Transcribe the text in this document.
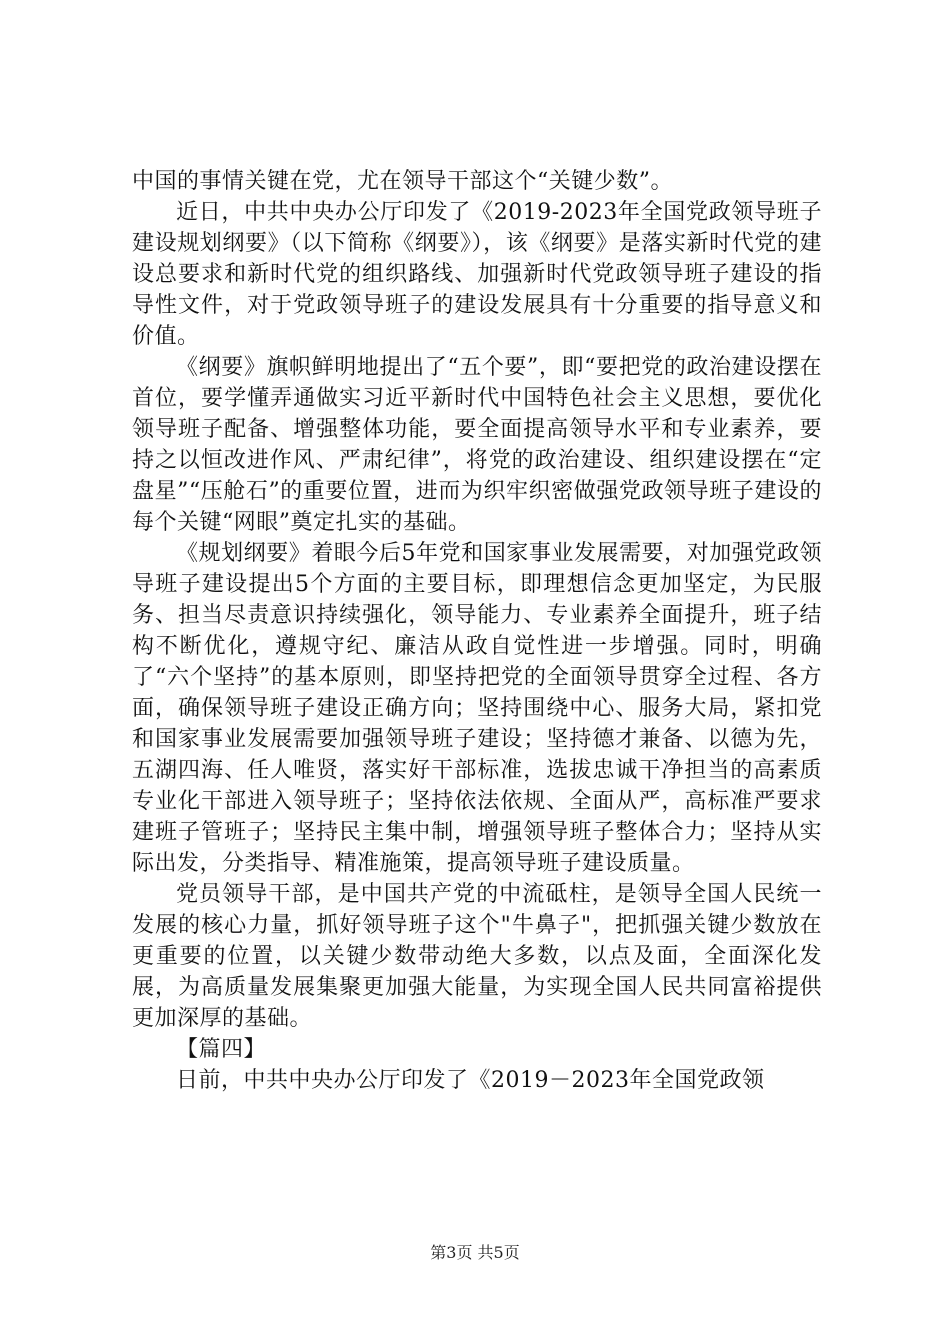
中国的事情关键在党，尤在领导干部这个“关键少数”。

近日，中共中央办公厅印发了《2019-2023年全国党政领导班子建设规划纲要》（以下简称《纲要》），该《纲要》是落实新时代党的建设总要求和新时代党的组织路线、加强新时代党政领导班子建设的指导性文件，对于党政领导班子的建设发展具有十分重要的指导意义和价值。

《纲要》旗帜鲜明地提出了“五个要”，即“要把党的政治建设摆在首位，要学懂弄通做实习近平新时代中国特色社会主义思想，要优化领导班子配备、增强整体功能，要全面提高领导水平和专业素养，要持之以恒改进作风、严肃纪律”，将党的政治建设、组织建设摆在“定盘星”“压舱石”的重要位置，进而为织牢织密做强党政领导班子建设的每个关键“网眼”奠定扎实的基础。

《规划纲要》着眼今后5年党和国家事业发展需要，对加强党政领导班子建设提出5个方面的主要目标，即理想信念更加坚定，为民服务、担当尽责意识持续强化，领导能力、专业素养全面提升，班子结构不断优化，遵规守纪、廉洁从政自觉性进一步增强。同时，明确了“六个坚持”的基本原则，即坚持把党的全面领导贯穿全过程、各方面，确保领导班子建设正确方向；坚持围绕中心、服务大局，紧扣党和国家事业发展需要加强领导班子建设；坚持德才兼备、以德为先，五湖四海、任人唯贤，落实好干部标准，选拔忠诚干净担当的高素质专业化干部进入领导班子；坚持依法依规、全面从严，高标准严要求建班子管班子；坚持民主集中制，增强领导班子整体合力；坚持从实际出发，分类指导、精准施策，提高领导班子建设质量。

党员领导干部，是中国共产党的中流砥柱，是领导全国人民统一发展的核心力量，抓好领导班子这个"牛鼻子"，把抓强关键少数放在更重要的位置，以关键少数带动绝大多数，以点及面，全面深化发展，为高质量发展集聚更加强大能量，为实现全国人民共同富裕提供更加深厚的基础。

【篇四】

日前，中共中央办公厅印发了《2019－2023年全国党政领

第3页 共5页
